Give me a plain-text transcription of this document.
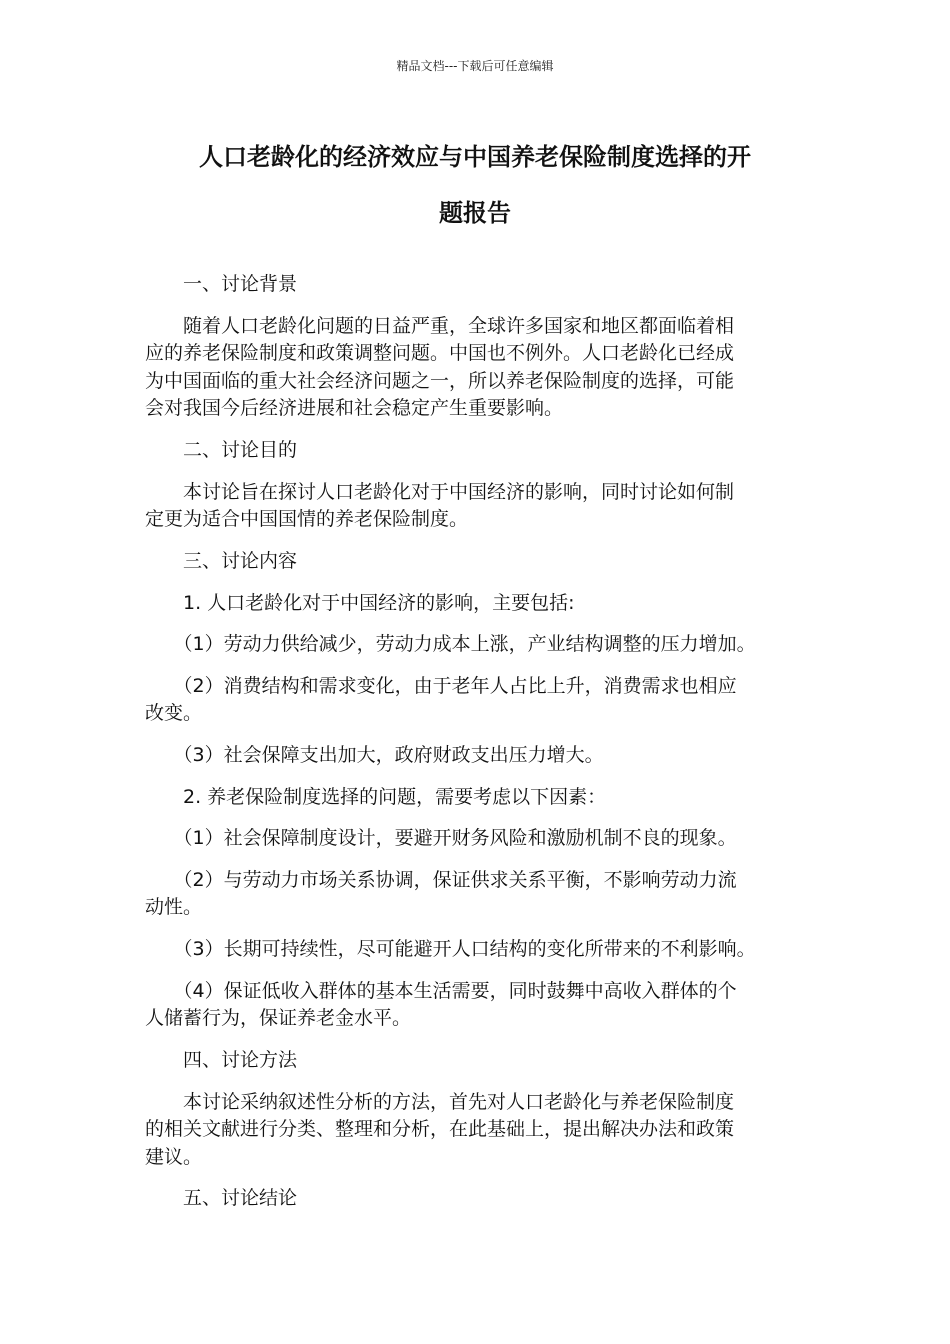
精品文档---下载后可任意编辑
人口老龄化的经济效应与中国养老保险制度选择的开
题报告
　　一、讨论背景
　　随着人口老龄化问题的日益严重，全球许多国家和地区都面临着相
应的养老保险制度和政策调整问题。中国也不例外。人口老龄化已经成
为中国面临的重大社会经济问题之一，所以养老保险制度的选择，可能
会对我国今后经济进展和社会稳定产生重要影响。
　　二、讨论目的
　　本讨论旨在探讨人口老龄化对于中国经济的影响，同时讨论如何制
定更为适合中国国情的养老保险制度。
　　三、讨论内容
　　1. 人口老龄化对于中国经济的影响，主要包括:
　　（1）劳动力供给减少，劳动力成本上涨，产业结构调整的压力增加。
　　（2）消费结构和需求变化，由于老年人占比上升，消费需求也相应
改变。
　　（3）社会保障支出加大，政府财政支出压力增大。
　　2. 养老保险制度选择的问题，需要考虑以下因素：
　　（1）社会保障制度设计，要避开财务风险和激励机制不良的现象。
　　（2）与劳动力市场关系协调，保证供求关系平衡，不影响劳动力流
动性。
　　（3）长期可持续性，尽可能避开人口结构的变化所带来的不利影响。
　　（4）保证低收入群体的基本生活需要，同时鼓舞中高收入群体的个
人储蓄行为，保证养老金水平。
　　四、讨论方法
　　本讨论采纳叙述性分析的方法，首先对人口老龄化与养老保险制度
的相关文献进行分类、整理和分析，在此基础上，提出解决办法和政策
建议。
　　五、讨论结论
